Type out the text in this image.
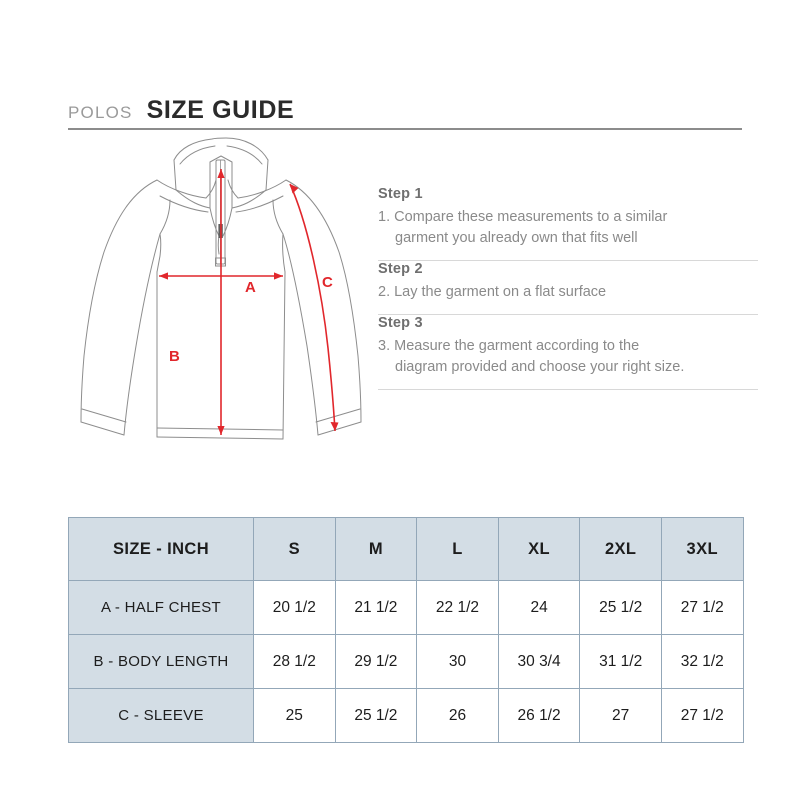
POLOS SIZE GUIDE
A
B
C

Step 1

1. Compare these measurements to a similar
garment you already own that fits well

Step 2

2. Lay the garment on a flat surface

Step 3

3. Measure the garment according to the
diagram provided and choose your right size.

SIZE - INCH	S	M	L	XL	2XL	3XL
A - HALF CHEST	20 1/2	21 1/2	22 1/2	24	25 1/2	27 1/2
B - BODY LENGTH	28 1/2	29 1/2	30	30 3/4	31 1/2	32 1/2
C - SLEEVE	25	25 1/2	26	26 1/2	27	27 1/2
